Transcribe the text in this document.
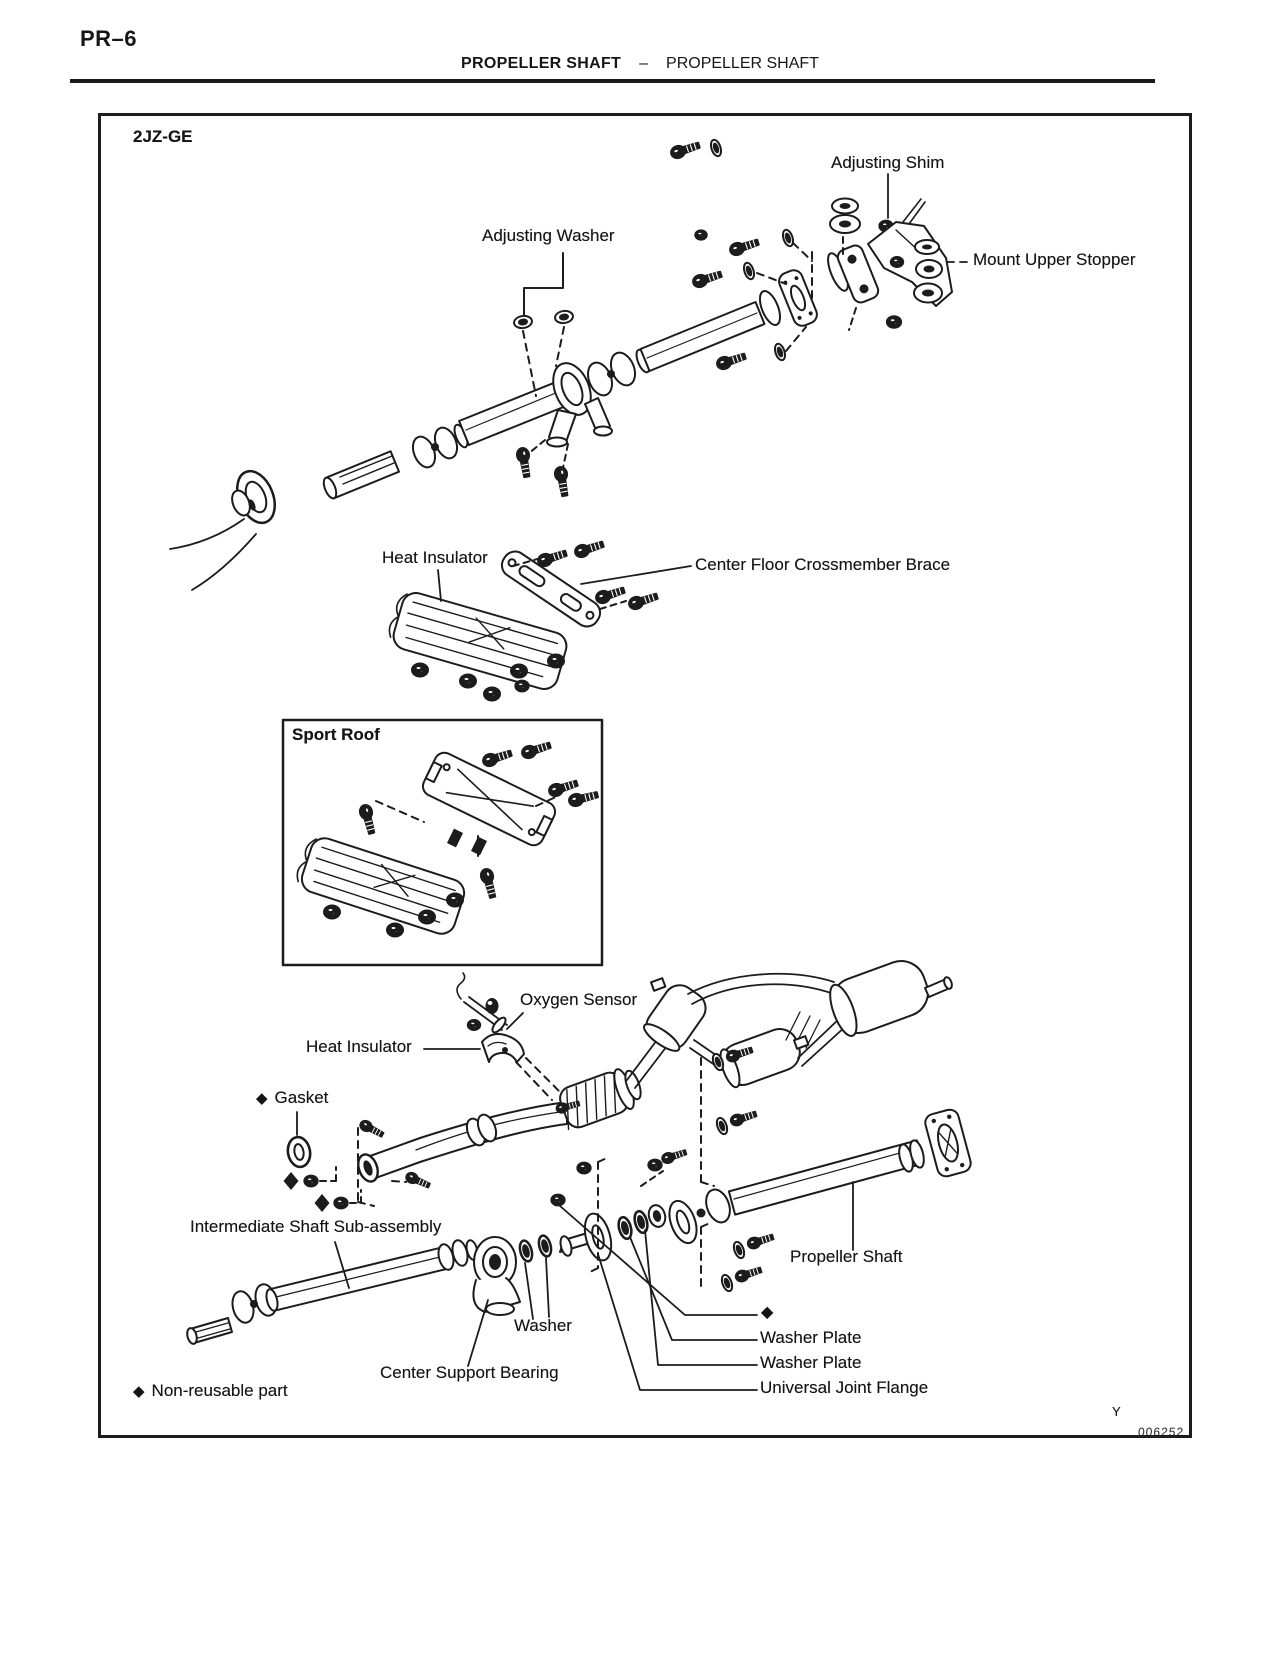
PR–6
PROPELLER SHAFT – PROPELLER SHAFT
2JZ-GE
Adjusting Washer
Adjusting Shim
Mount Upper Stopper
Heat Insulator	Center Floor Crossmember Brace
Sport Roof
Oxygen Sensor
Heat Insulator
◆ Gasket
Intermediate Shaft Sub-assembly
Washer
Center Support Bearing
Propeller Shaft
◆
Washer Plate
Washer Plate
Universal Joint Flange
◆ Non-reusable part
Y
006252
